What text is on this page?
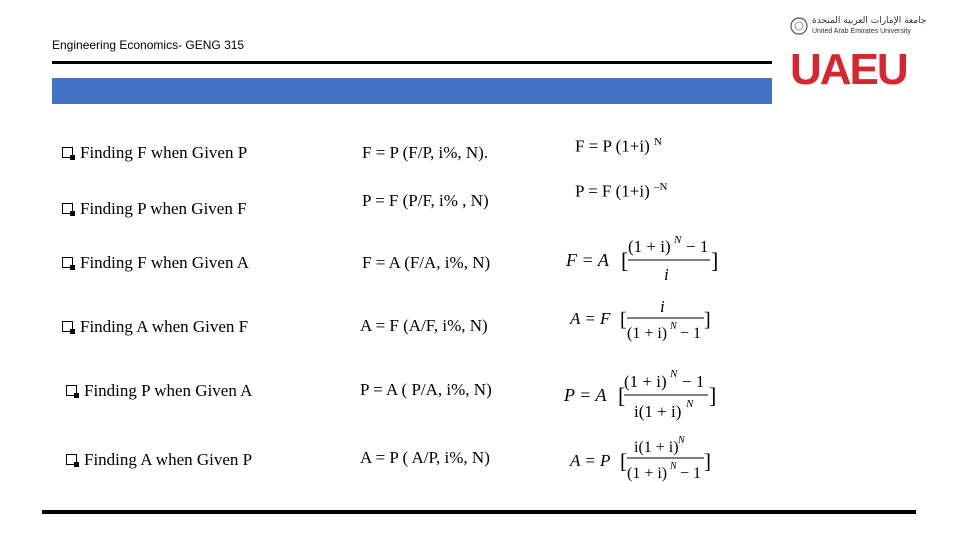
Engineering Economics- GENG 315
جامعة الإمارات العربية المتحدة
United Arab Emirates University
UAEU
Finding F when Given P	F = P (F/P, i%, N).	F = P (1+i) $^N$
Finding P when Given F	P = F (P/F, i% , N)	P = F (1+i) $^{-N}$
Finding F when Given A	F = A (F/A, i%, N)	F = A [
(1 + i) N − 1
i
]
Finding A when Given F	A = F (A/F, i%, N)	A = F [
i
(1 + i) N − 1
]
Finding P when Given A	P = A ( P/A, i%, N)	P = A [
(1 + i) N − 1
i(1 + i) N ]
Finding A when Given P	A = P ( A/P, i%, N)	A = P [
i(1 + i) N
(1 + i) N − 1
]
